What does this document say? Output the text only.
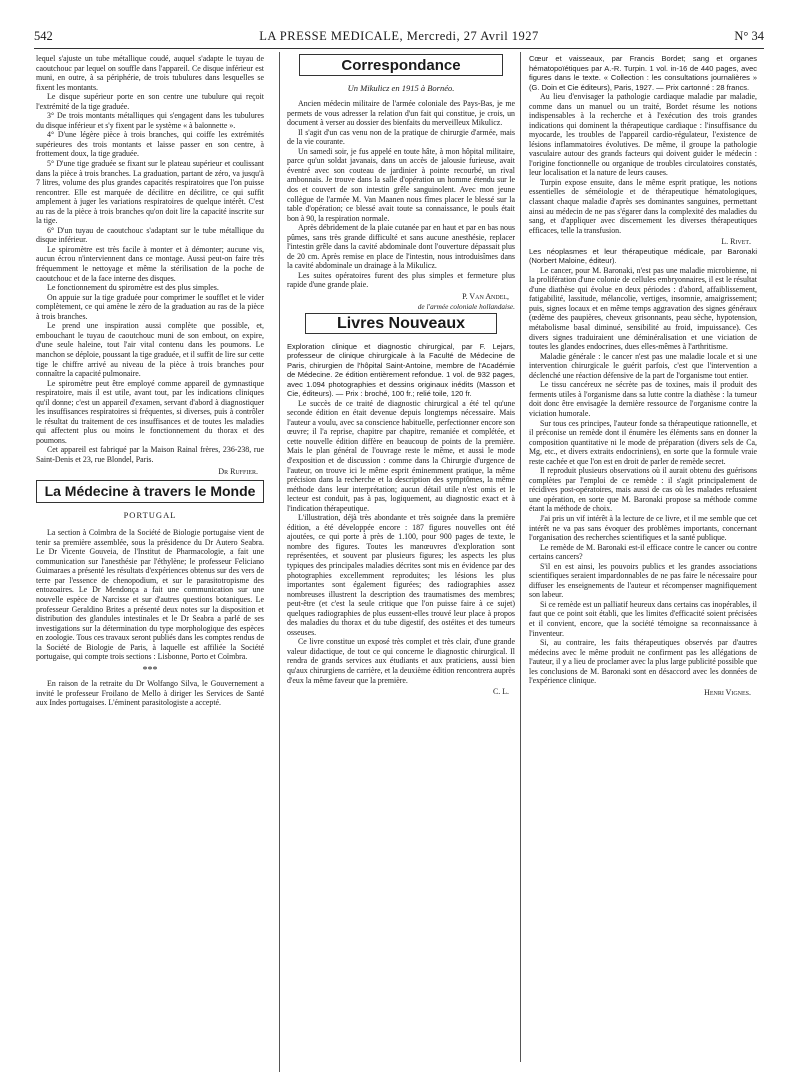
542	LA PRESSE MEDICALE, Mercredi, 27 Avril 1927	N° 34

lequel s'ajuste un tube métallique coudé, auquel s'adapte le tuyau de caoutchouc par lequel on souffle dans l'appareil. Ce disque inférieur est muni, en outre, à sa périphérie, de trois tubulures dans lesquelles se fixent les montants.

Le disque supérieur porte en son centre une tubulure qui reçoit l'extrémité de la tige graduée.

3° De trois montants métalliques qui s'engagent dans les tubulures du disque inférieur et s'y fixent par le système « à baïonnette ».

4° D'une légère pièce à trois branches, qui coiffe les extrémités supérieures des trois montants et laisse passer en son centre, à frottement doux, la tige graduée.

5° D'une tige graduée se fixant sur le plateau supérieur et coulissant dans la pièce à trois branches. La graduation, partant de zéro, va jusqu'à 7 litres, volume des plus grandes capacités respiratoires que l'on puisse rencontrer. Elle est marquée de décilitre en décilitre, ce qui suffit amplement à juger les variations respiratoires de quelque intérêt. C'est au ras de la pièce à trois branches qu'on doit lire la capacité inscrite sur la tige.

6° D'un tuyau de caoutchouc s'adaptant sur le tube métallique du disque inférieur.

Le spiromètre est très facile à monter et à démonter; aucune vis, aucun écrou n'interviennent dans ce montage. Aussi peut-on faire très fréquemment le nettoyage et même la stérilisation de la poche de caoutchouc et de la face interne des disques.

Le fonctionnement du spiromètre est des plus simples.

On appuie sur la tige graduée pour comprimer le soufflet et le vider complètement, ce qui amène le zéro de la graduation au ras de la pièce à trois branches.

Le prend une inspiration aussi complète que possible, et, embouchant le tuyau de caoutchouc muni de son embout, on expire, d'une seule haleine, tout l'air vital contenu dans les poumons. Le manchon se déploie, poussant la tige graduée, et il suffit de lire sur cette tige le chiffre arrivé au niveau de la pièce à trois branches pour connaître la capacité pulmonaire.

Le spiromètre peut être employé comme appareil de gymnastique respiratoire, mais il est utile, avant tout, par les indications cliniques qu'il donne; c'est un appareil d'examen, servant d'abord à diagnostiquer les insuffisances respiratoires si fréquentes, si diverses, puis à contrôler le résultat du traitement de ces insuffisances et de toutes les maladies qui affectent plus ou moins le fonctionnement du thorax et des poumons.

Cet appareil est fabriqué par la Maison Rainal frères, 236-238, rue Saint-Denis et 23, rue Blondel, Paris.

Dr Ruffier.
La Médecine à travers le Monde
PORTUGAL

La section à Coïmbra de la Société de Biologie portugaise vient de tenir sa première assemblée, sous la présidence du Dr Autero Seabra. Le Dr Vicente Gouveia, de l'Institut de Pharmacologie, a fait une communication sur l'anesthésie par l'éthylène; le professeur Feliciano Guimaraes a présenté les résultats d'expériences obtenus sur des vers de terre par l'essence de chenopodium, et sur le parasitotropisme des entozoaires. Le Dr Mendonça a fait une communication sur une nouvelle espèce de Narcisse et sur d'autres questions botaniques. Le professeur Geraldino Brites a présenté deux notes sur la disposition et distribution des glandules intestinales et le Dr Seabra a parlé de ses investigations sur la détermination du type morphologique des espèces en zoologie. Tous ces travaux seront publiés dans les comptes rendus de la Société de Biologie de Paris, à laquelle est affiliée la Société portugaise, qui compte trois sections : Lisbonne, Porto et Coïmbra.

***

En raison de la retraite du Dr Wolfango Silva, le Gouvernement a invité le professeur Froilano de Mello à diriger les Services de Santé aux Indes portugaises. L'éminent parasitologiste a accepté.

Correspondance
Un Mikulicz en 1915 à Bornéo.

Ancien médecin militaire de l'armée coloniale des Pays-Bas, je me permets de vous adresser la relation d'un fait qui constitue, je crois, un document à verser au dossier des bienfaits du merveilleux Mikulicz.

Il s'agit d'un cas venu non de la pratique de chirurgie d'armée, mais de la vie courante.

Un samedi soir, je fus appelé en toute hâte, à mon hôpital militaire, parce qu'un soldat javanais, dans un accès de jalousie furieuse, avait éventré avec son couteau de jardinier à pointe recourbé, un rival ambonnais. Je trouve dans la salle d'opération un homme étendu sur le dos et couvert de son intestin grêle sanguinolent. Avec mon jeune collègue de l'armée M. Van Maanen nous fîmes placer le blessé sur la table d'opération; ce blessé avait toute sa connaissance, le pouls était bon à 90, la respiration normale.

Après débridement de la plaie cutanée par en haut et par en bas nous pûmes, sans très grande difficulté et sans aucune anesthésie, replacer l'intestin grêle dans la cavité abdominale dont l'ouverture dépassait plus de 20 cm. Après remise en place de l'intestin, nous introduisîmes dans la cavité abdominale un drainage à la Mikulicz.

Les suites opératoires furent des plus simples et fermeture plus rapide d'une grande plaie.

P. Van Andel,
de l'armée coloniale hollandaise.
Livres Nouveaux

Exploration clinique et diagnostic chirurgical, par F. Lejars, professeur de clinique chirurgicale à la Faculté de Médecine de Paris, chirurgien de l'hôpital Saint-Antoine, membre de l'Académie de Médecine. 2e édition entièrement refondue. 1 vol. de 932 pages, avec 1.094 photographies et dessins originaux inédits (Masson et Cie, éditeurs). — Prix : broché, 100 fr.; relié toile, 120 fr.

Le succès de ce traité de diagnostic chirurgical a été tel qu'une seconde édition en était devenue depuis longtemps nécessaire. Mais l'auteur a voulu, avec sa conscience habituelle, perfectionner encore son œuvre; il l'a reprise, chapitre par chapitre, remaniée et complétée, et cette nouvelle édition diffère en beaucoup de points de la première. Mais le plan général de l'ouvrage reste le même, et aussi le mode d'exposition et de discussion : comme dans la Chirurgie d'urgence de l'auteur, on trouve ici le même esprit éminemment pratique, la même précision dans la recherche et la description des symptômes, la même méthode dans leur interprétation; aucun détail utile n'est omis et le lecteur est conduit, pas à pas, logiquement, au diagnostic exact et à l'indication thérapeutique.

L'illustration, déjà très abondante et très soignée dans la première édition, a été développée encore : 187 figures nouvelles ont été ajoutées, ce qui porte à près de 1.100, pour 900 pages de texte, le nombre des figures. Toutes les manœuvres d'exploration sont représentées, et souvent par plusieurs figures; les aspects les plus typiques des principales maladies décrites sont mis en évidence par des photographies excellemment reproduites; les lésions les plus importantes sont également figurées; des radiographies assez nombreuses illustrent la description des traumatismes des membres; peut-être (et c'est la seule critique que l'on puisse faire à ce sujet) quelques radiographies de plus eussent-elles trouvé leur place à propos des maladies du thorax et du tube digestif, des ostéites et des tumeurs osseuses.

Ce livre constitue un exposé très complet et très clair, d'une grande valeur didactique, de tout ce qui concerne le diagnostic chirurgical. Il rendra de grands services aux étudiants et aux praticiens, aussi bien qu'aux chirurgiens de carrière, et la deuxième édition rencontrera auprès d'eux la même faveur que la première.

C. L.

Cœur et vaisseaux, par Francis Bordet; sang et organes hématopoïétiques par A.-R. Turpin. 1 vol. in-16 de 440 pages, avec figures dans le texte. « Collection : les consultations journalières » (G. Doin et Cie éditeurs), Paris, 1927. — Prix cartonné : 28 francs.

Au lieu d'envisager la pathologie cardiaque maladie par maladie, comme dans un manuel ou un traité, Bordet résume les notions indispensables à la recherche et à l'exécution des trois grandes indications qui dominent la thérapeutique cardiaque : l'insuffisance du myocarde, les troubles de l'appareil cardio-régulateur, l'existence de lésions inflammatoires évolutives. De même, il groupe la pathologie vasculaire autour des grands facteurs qui doivent guider le médecin : l'origine fonctionnelle ou organique de troubles circulatoires constatés, leur localisation et la nature de leurs causes.

Turpin expose ensuite, dans le même esprit pratique, les notions essentielles de séméiologie et de thérapeutique hématologiques, classant chaque maladie d'après ses dominantes sanguines, permettant ainsi au médecin de ne pas s'égarer dans la complexité des maladies du sang, et d'appliquer avec discernement les diverses thérapeutiques efficaces, telle la transfusion.

L. Rivet.

Les néoplasmes et leur thérapeutique médicale, par Baronaki (Norbert Maloine, éditeur).

Le cancer, pour M. Baronaki, n'est pas une maladie microbienne, ni la prolifération d'une colonie de cellules embryonnaires, il est le résultat d'une diathèse qui évolue en deux périodes : d'abord, affaiblissement, fatigabilité, lassitude, mélancolie, vertiges, insomnie, amaigrissement; puis, signes locaux et en même temps aggravation des signes généraux (œdème des paupières, cheveux grisonnants, peau sèche, hypotension, métabolisme basal diminué, sensibilité au froid, impuissance). Ces divers signes traduiraient une déminéralisation et une viciation de toutes les glandes endocrines, dues elles-mêmes à l'arthritisme.

Maladie générale : le cancer n'est pas une maladie locale et si une intervention chirurgicale le guérit parfois, c'est que l'intervention a déclenché une réaction défensive de la part de l'organisme tout entier.

Le tissu cancéreux ne sécrète pas de toxines, mais il produit des ferments utiles à l'organisme dans sa lutte contre la diathèse : la tumeur doit donc être envisagée la dernière ressource de l'organisme contre la viciation humorale.

Sur tous ces principes, l'auteur fonde sa thérapeutique rationnelle, et il préconise un remède dont il énumère les éléments sans en donner la composition quantitative ni le mode de préparation (divers sels de Ca, Mg, etc., et divers extraits endocriniens), en sorte que la formule vraie reste cachée et que l'on est en droit de parler de remède secret.

Il reproduit plusieurs observations où il aurait obtenu des guérisons complètes par l'emploi de ce remède : il s'agit principalement de récidives post-opératoires, mais aussi de cas où les malades refusaient une opération, en sorte que M. Baronaki propose sa méthode comme étant la méthode de choix.

J'ai pris un vif intérêt à la lecture de ce livre, et il me semble que cet intérêt ne va pas sans évoquer des problèmes importants, concernant l'organisation des recherches scientifiques et la santé publique.

Le remède de M. Baronaki est-il efficace contre le cancer ou contre certains cancers?

S'il en est ainsi, les pouvoirs publics et les grandes associations scientifiques seraient impardonnables de ne pas faire le nécessaire pour diffuser les enseignements de l'auteur et récompenser magnifiquement son labeur.

Si ce remède est un palliatif heureux dans certains cas inopérables, il faut que ce point soit établi, que les limites d'efficacité soient précisées et il convient, encore, que la société témoigne sa reconnaissance à l'inventeur.

Si, au contraire, les faits thérapeutiques observés par d'autres médecins avec le même produit ne confirment pas les allégations de l'auteur, il y a lieu de proclamer avec la plus large publicité possible que les conclusions de M. Baronaki sont en désaccord avec les données de l'expérience clinique.

Henri Vignes.
